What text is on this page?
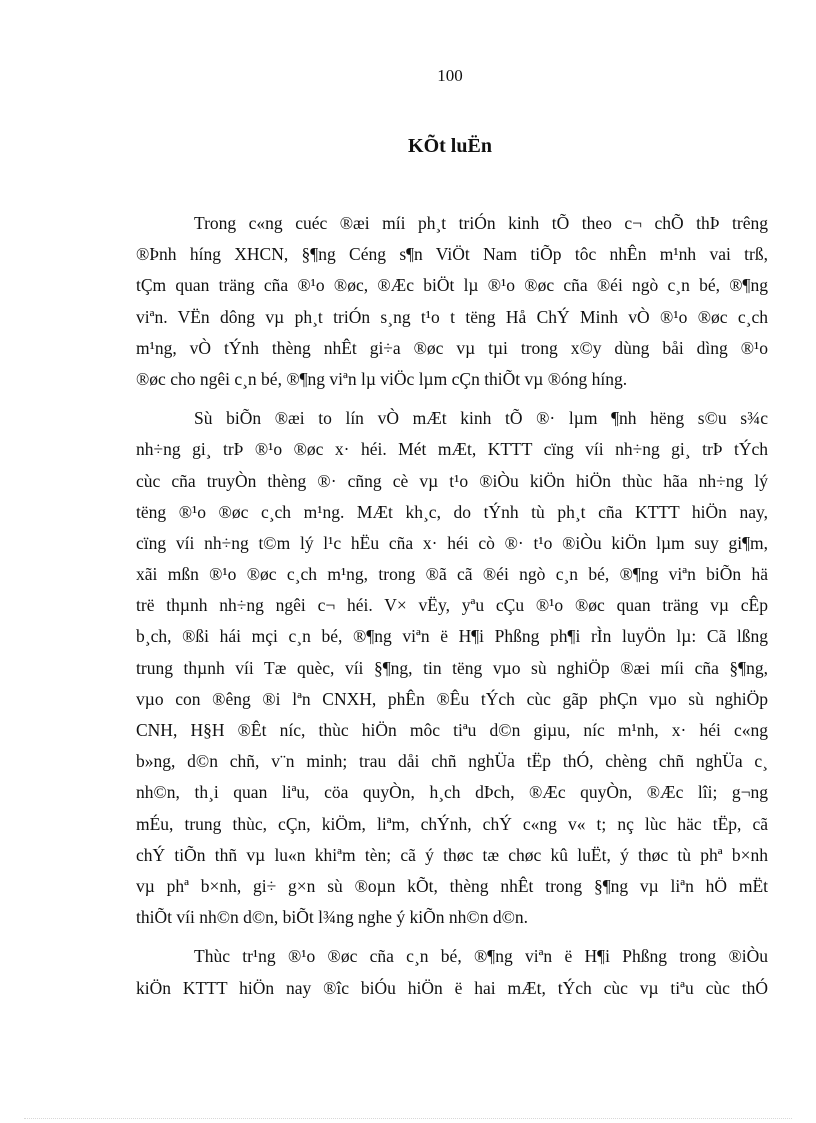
100
KÕt luËn
Trong c«ng cuéc ®æi míi ph¸t triÓn kinh tÕ theo c¬ chÕ thÞ trêng
®Þnh híng XHCN, §¶ng Céng s¶n ViÖt Nam tiÕp tôc nhÊn m¹nh vai trß,
tÇm quan träng cña ®¹o ®øc, ®Æc biÖt lµ ®¹o ®øc cña ®éi ngò c¸n bé, ®¶ng
viªn. VËn dông vµ ph¸t triÓn s¸ng t¹o t tëng Hå ChÝ Minh vÒ ®¹o ®øc c¸ch
m¹ng, vÒ tÝnh thèng nhÊt gi÷a ®øc vµ tµi trong x©y dùng båi dìng ®¹o
®øc cho ngêi c¸n bé, ®¶ng viªn lµ viÖc lµm cÇn thiÕt vµ ®óng híng.
Sù biÕn ®æi to lín vÒ mÆt kinh tÕ ®· lµm ¶nh hëng s©u s¾c
nh÷ng gi¸ trÞ ®¹o ®øc x· héi. Mét mÆt, KTTT cïng víi nh÷ng gi¸ trÞ tÝch
cùc cña truyÒn thèng ®· cñng cè vµ t¹o ®iÒu kiÖn hiÖn thùc hãa nh÷ng lý
tëng ®¹o ®øc c¸ch m¹ng. MÆt kh¸c, do tÝnh tù ph¸t cña KTTT hiÖn nay,
cïng víi nh÷ng t©m lý l¹c hËu cña x· héi cò ®· t¹o ®iÒu kiÖn lµm suy gi¶m,
xãi mßn ®¹o ®øc c¸ch m¹ng, trong ®ã cã ®éi ngò c¸n bé, ®¶ng viªn biÕn hä
trë thµnh nh÷ng ngêi c¬ héi. V× vËy, yªu cÇu ®¹o ®øc quan träng vµ cÊp
b¸ch, ®ßi hái mçi c¸n bé, ®¶ng viªn ë H¶i Phßng ph¶i rÌn luyÖn lµ: Cã lßng
trung thµnh víi Tæ quèc, víi §¶ng, tin tëng vµo sù nghiÖp ®æi míi cña §¶ng,
vµo con ®êng ®i lªn CNXH, phÊn ®Êu tÝch cùc gãp phÇn vµo sù nghiÖp
CNH, H§H ®Êt níc, thùc hiÖn môc tiªu d©n giµu, níc m¹nh, x· héi c«ng
b»ng, d©n chñ, v¨n minh; trau dåi chñ nghÜa tËp thÓ, chèng chñ nghÜa c¸
nh©n, th¸i quan liªu, cöa quyÒn, h¸ch dÞch, ®Æc quyÒn, ®Æc lîi; g¬ng
mÉu, trung thùc, cÇn, kiÖm, liªm, chÝnh, chÝ c«ng v« t; nç lùc häc tËp, cã
chÝ tiÕn thñ vµ lu«n khiªm tèn; cã ý thøc tæ chøc kû luËt, ý thøc tù phª b×nh
vµ phª b×nh, gi÷ g×n sù ®oµn kÕt, thèng nhÊt trong §¶ng vµ liªn hÖ mËt
thiÕt víi nh©n d©n, biÕt l¾ng nghe ý kiÕn nh©n d©n.
Thùc tr¹ng ®¹o ®øc cña c¸n bé, ®¶ng viªn ë H¶i Phßng trong ®iÒu
kiÖn KTTT hiÖn nay ®îc biÓu hiÖn ë hai mÆt, tÝch cùc vµ tiªu cùc thÓ
